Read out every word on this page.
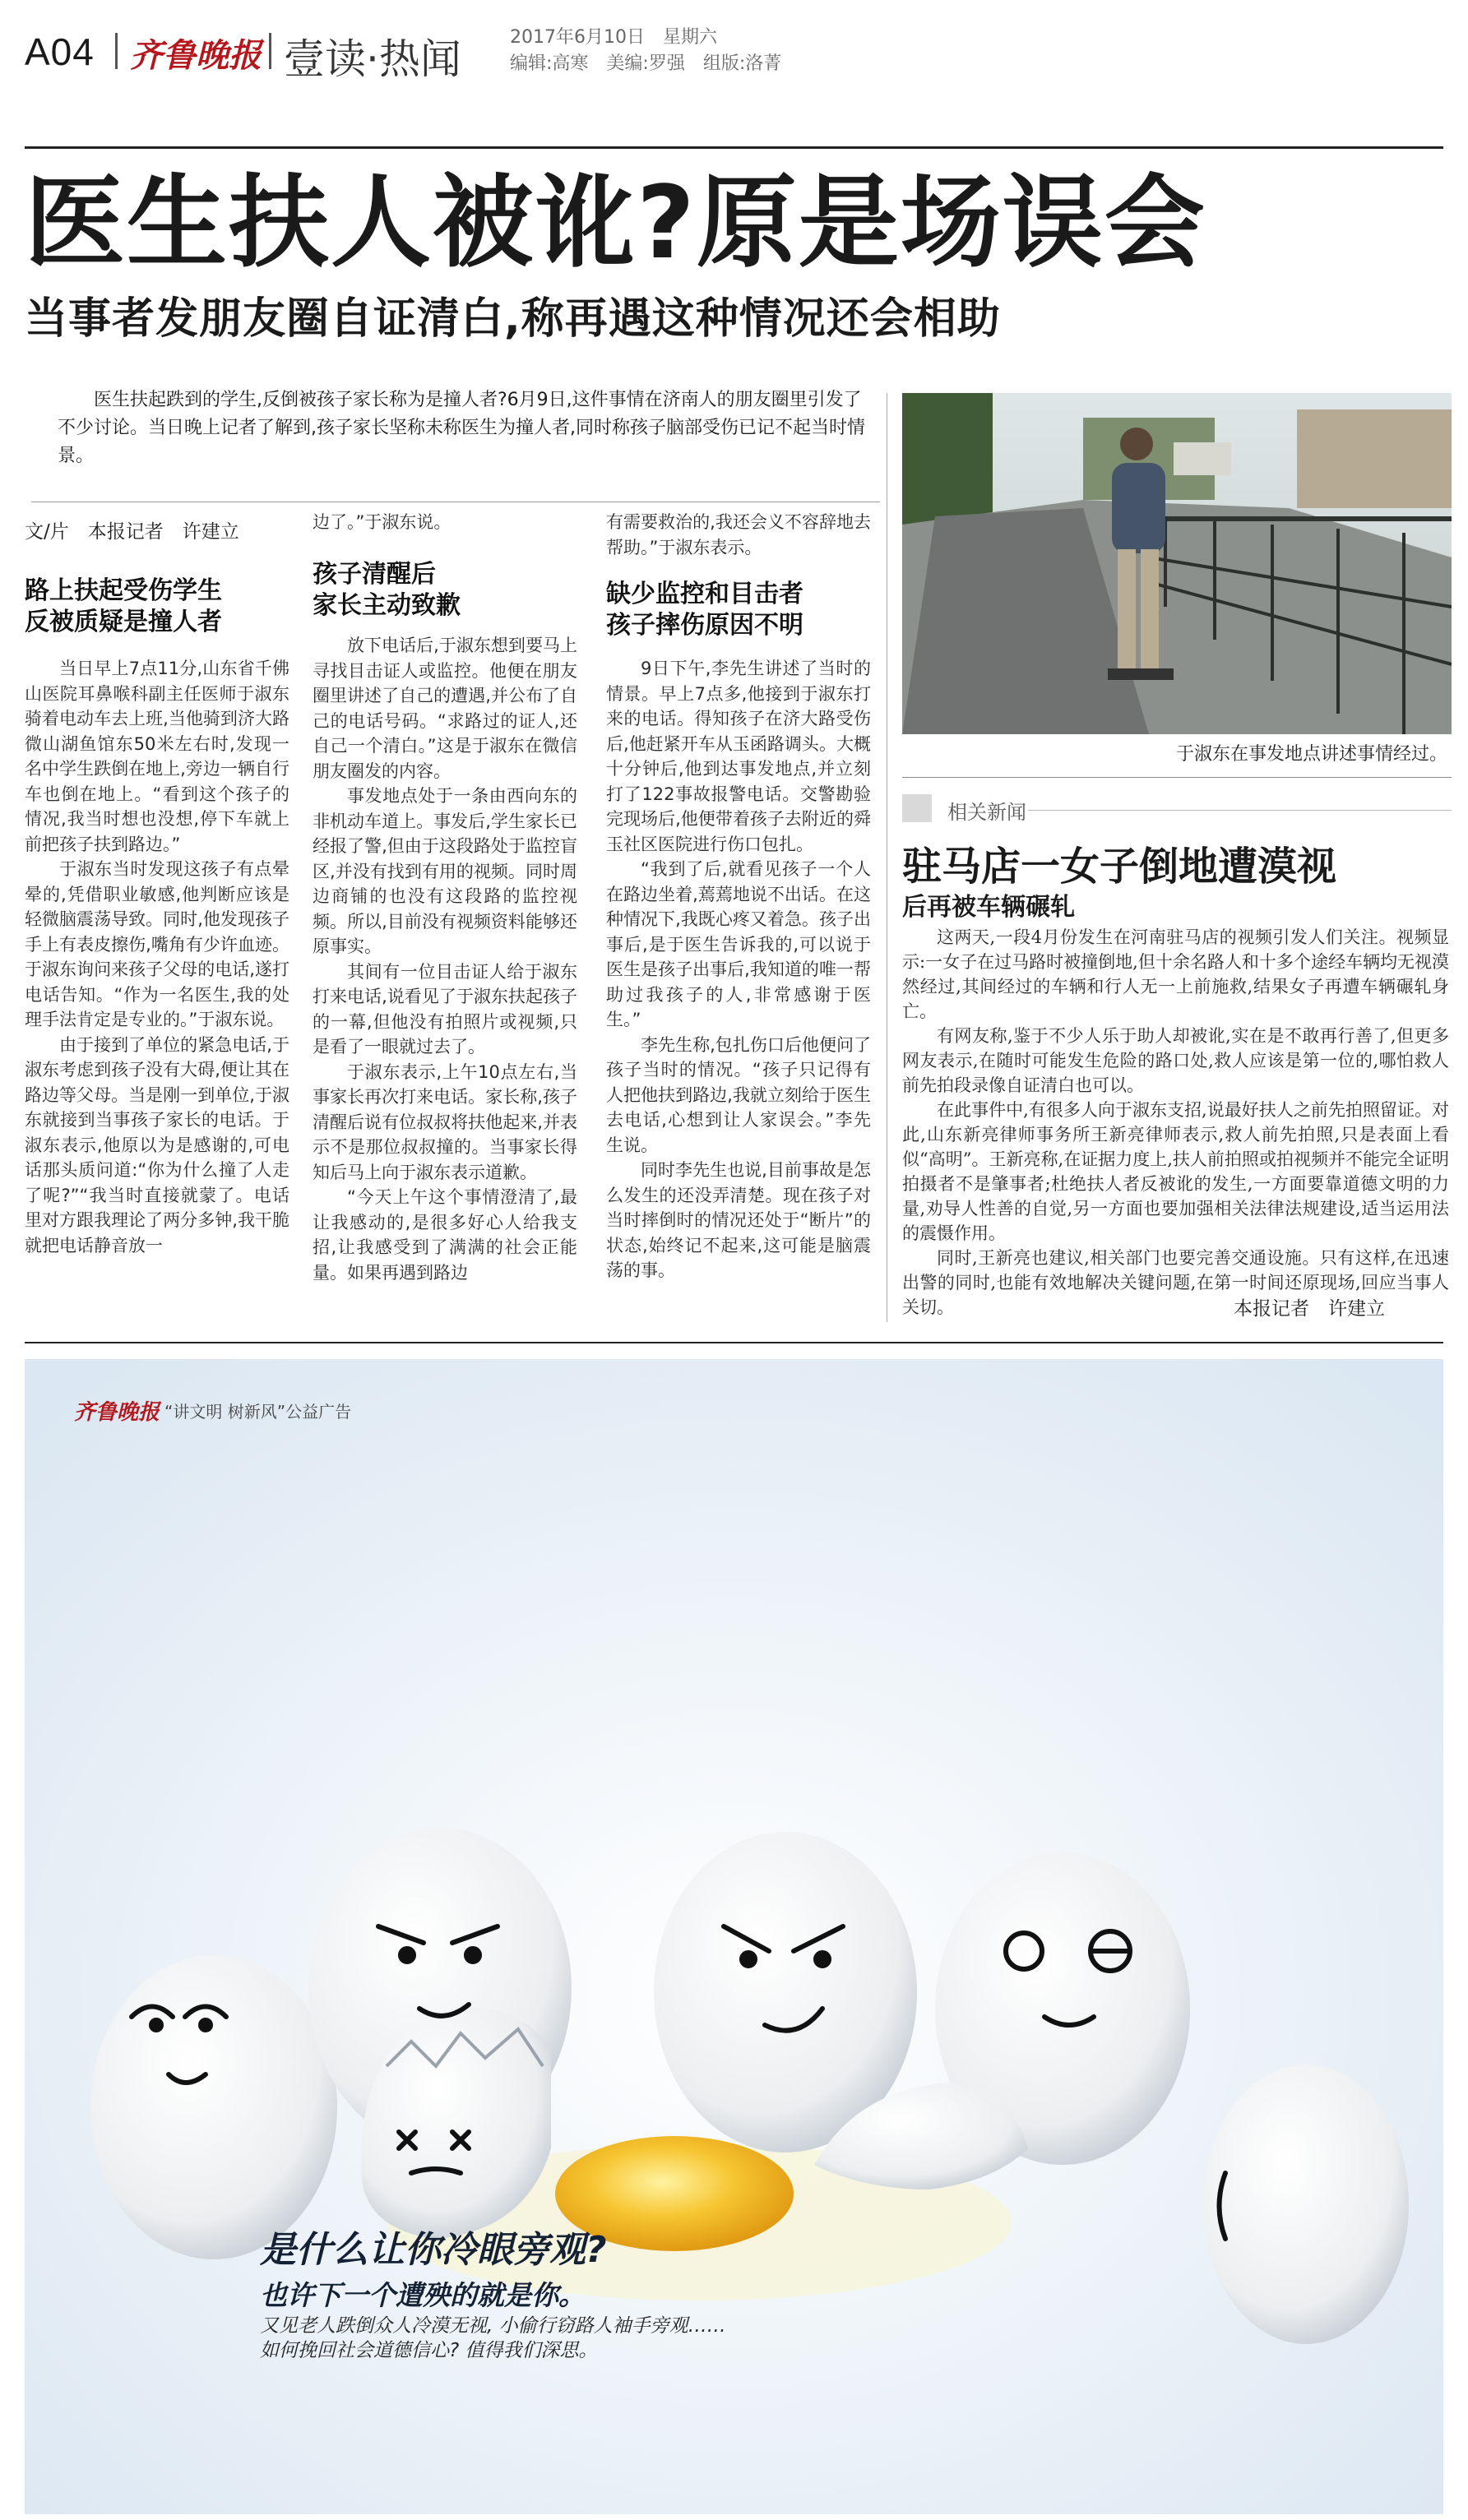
A04 齐鲁晚报 壹读·热闻	2017年6月10日　星期六
编辑:高寒　美编:罗强　组版:洛菁
医生扶人被讹?原是场误会
当事者发朋友圈自证清白,称再遇这种情况还会相助
医生扶起跌到的学生,反倒被孩子家长称为是撞人者?6月9日,这件事情在济南人的朋友圈里引发了不少讨论。当日晚上记者了解到,孩子家长坚称未称医生为撞人者,同时称孩子脑部受伤已记不起当时情景。
文/片　本报记者　许建立
路上扶起受伤学生
反被质疑是撞人者

当日早上7点11分,山东省千佛山医院耳鼻喉科副主任医师于淑东骑着电动车去上班,当他骑到济大路微山湖鱼馆东50米左右时,发现一名中学生跌倒在地上,旁边一辆自行车也倒在地上。“看到这个孩子的情况,我当时想也没想,停下车就上前把孩子扶到路边。”

于淑东当时发现这孩子有点晕晕的,凭借职业敏感,他判断应该是轻微脑震荡导致。同时,他发现孩子手上有表皮擦伤,嘴角有少许血迹。于淑东询问来孩子父母的电话,遂打电话告知。“作为一名医生,我的处理手法肯定是专业的。”于淑东说。

由于接到了单位的紧急电话,于淑东考虑到孩子没有大碍,便让其在路边等父母。当是刚一到单位,于淑东就接到当事孩子家长的电话。于淑东表示,他原以为是感谢的,可电话那头质问道:“你为什么撞了人走了呢?”“我当时直接就蒙了。电话里对方跟我理论了两分多钟,我干脆就把电话静音放一

边了。”于淑东说。

孩子清醒后
家长主动致歉

放下电话后,于淑东想到要马上寻找目击证人或监控。他便在朋友圈里讲述了自己的遭遇,并公布了自己的电话号码。“求路过的证人,还自己一个清白。”这是于淑东在微信朋友圈发的内容。

事发地点处于一条由西向东的非机动车道上。事发后,学生家长已经报了警,但由于这段路处于监控盲区,并没有找到有用的视频。同时周边商铺的也没有这段路的监控视频。所以,目前没有视频资料能够还原事实。

其间有一位目击证人给于淑东打来电话,说看见了于淑东扶起孩子的一幕,但他没有拍照片或视频,只是看了一眼就过去了。

于淑东表示,上午10点左右,当事家长再次打来电话。家长称,孩子清醒后说有位叔叔将扶他起来,并表示不是那位叔叔撞的。当事家长得知后马上向于淑东表示道歉。

“今天上午这个事情澄清了,最让我感动的,是很多好心人给我支招,让我感受到了满满的社会正能量。如果再遇到路边

有需要救治的,我还会义不容辞地去帮助。”于淑东表示。

缺少监控和目击者
孩子摔伤原因不明

9日下午,李先生讲述了当时的情景。早上7点多,他接到于淑东打来的电话。得知孩子在济大路受伤后,他赶紧开车从玉函路调头。大概十分钟后,他到达事发地点,并立刻打了122事故报警电话。交警勘验完现场后,他便带着孩子去附近的舜玉社区医院进行伤口包扎。

“我到了后,就看见孩子一个人在路边坐着,蔫蔫地说不出话。在这种情况下,我既心疼又着急。孩子出事后,是于医生告诉我的,可以说于医生是孩子出事后,我知道的唯一帮助过我孩子的人,非常感谢于医生。”

李先生称,包扎伤口后他便问了孩子当时的情况。“孩子只记得有人把他扶到路边,我就立刻给于医生去电话,心想到让人家误会。”李先生说。

同时李先生也说,目前事故是怎么发生的还没弄清楚。现在孩子对当时摔倒时的情况还处于“断片”的状态,始终记不起来,这可能是脑震荡的事。

于淑东在事发地点讲述事情经过。
相关新闻
驻马店一女子倒地遭漠视
后再被车辆碾轧

这两天,一段4月份发生在河南驻马店的视频引发人们关注。视频显示:一女子在过马路时被撞倒地,但十余名路人和十多个途经车辆均无视漠然经过,其间经过的车辆和行人无一上前施救,结果女子再遭车辆碾轧身亡。

有网友称,鉴于不少人乐于助人却被讹,实在是不敢再行善了,但更多网友表示,在随时可能发生危险的路口处,救人应该是第一位的,哪怕救人前先拍段录像自证清白也可以。

在此事件中,有很多人向于淑东支招,说最好扶人之前先拍照留证。对此,山东新亮律师事务所王新亮律师表示,救人前先拍照,只是表面上看似“高明”。王新亮称,在证据力度上,扶人前拍照或拍视频并不能完全证明拍摄者不是肇事者;杜绝扶人者反被讹的发生,一方面要靠道德文明的力量,劝导人性善的自觉,另一方面也要加强相关法律法规建设,适当运用法的震慑作用。

同时,王新亮也建议,相关部门也要完善交通设施。只有这样,在迅速出警的同时,也能有效地解决关键问题,在第一时间还原现场,回应当事人关切。	本报记者　许建立
齐鲁晚报 “讲文明 树新风”公益广告
是什么让你冷眼旁观?
也许下一个遭殃的就是你。
又见老人跌倒众人冷漠无视, 小偷行窃路人袖手旁观……
如何挽回社会道德信心? 值得我们深思。
